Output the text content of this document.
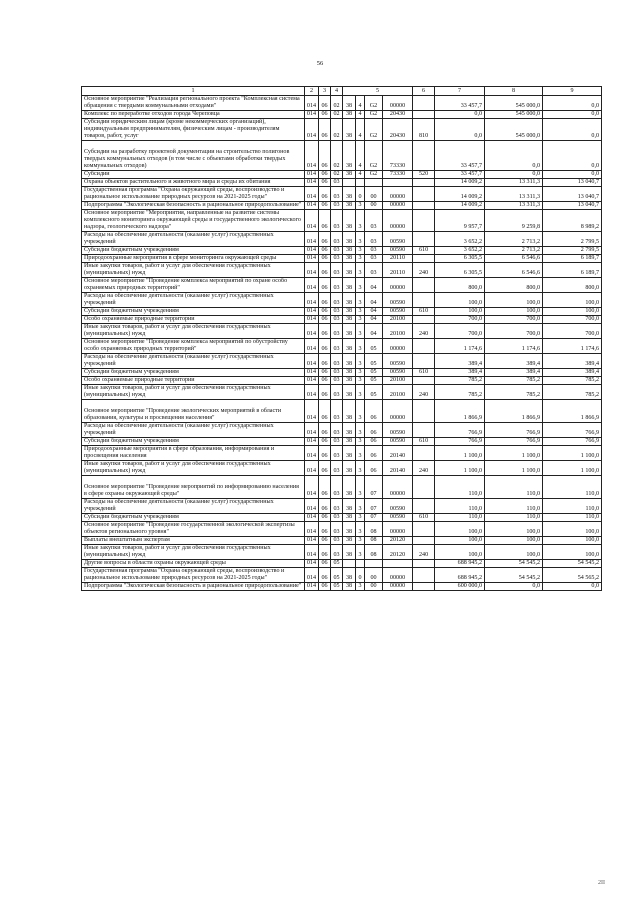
56
1	2	3	4	5				6	7	8	9
Основное мероприятие "Реализация регионального проекта "Комплексная система обращения с твердыми коммунальными отходами"	014	06	02	38	4	G2	00000		33 457,7	545 000,0	0,0
Комплекс по переработке отходов города Череповца	014	06	02	38	4	G2	20430		0,0	545 000,0	0,0
Субсидии юридическим лицам (кроме некоммерческих организаций), индивидуальным предпринимателям, физическим лицам - производителям товаров, работ, услуг	014	06	02	38	4	G2	20430	810	0,0	545 000,0	0,0
Субсидии на разработку проектной документации на строительство полигонов твердых коммунальных отходов (в том числе с объектами обработки твердых коммунальных отходов)	014	06	02	38	4	G2	73330		33 457,7	0,0	0,0
Субсидии	014	06	02	38	4	G2	73330	520	33 457,7	0,0	0,0
Охрана объектов растительного и животного мира и среды их обитания	014	06	03						14 009,2	13 311,3	13 040,7
Государственная программа "Охрана окружающей среды, воспроизводство и рациональное использование природных ресурсов на 2021-2025 годы"	014	06	03	38	0	00	00000		14 009,2	13 311,3	13 040,7
Подпрограмма "Экологическая безопасность и рациональное природопользование"	014	06	03	38	3	00	00000		14 009,2	13 311,3	13 040,7
Основное мероприятие "Мероприятия, направленные на развитие системы комплексного мониторинга окружающей среды и государственного экологического надзора, геологического надзора"	014	06	03	38	3	03	00000		9 957,7	9 259,8	8 989,2
Расходы на обеспечение деятельности (оказание услуг) государственных учреждений	014	06	03	38	3	03	00590		3 652,2	2 713,2	2 799,5
Субсидии бюджетным учреждениям	014	06	03	38	3	03	00590	610	3 652,2	2 713,2	2 799,5
Природоохранные мероприятия в сфере мониторинга окружающей среды	014	06	03	38	3	03	20110		6 305,5	6 546,6	6 189,7
Иные закупки товаров, работ и услуг для обеспечения государственных (муниципальных) нужд	014	06	03	38	3	03	20110	240	6 305,5	6 546,6	6 189,7
Основное мероприятие "Проведение комплекса мероприятий по охране особо охраняемых природных территорий"	014	06	03	38	3	04	00000		800,0	800,0	800,0
Расходы на обеспечение деятельности (оказание услуг) государственных учреждений	014	06	03	38	3	04	00590		100,0	100,0	100,0
Субсидии бюджетным учреждениям	014	06	03	38	3	04	00590	610	100,0	100,0	100,0
Особо охраняемые природные территории	014	06	03	38	3	04	20100		700,0	700,0	700,0
Иные закупки товаров, работ и услуг для обеспечения государственных (муниципальных) нужд	014	06	03	38	3	04	20100	240	700,0	700,0	700,0
Основное мероприятие "Проведение комплекса мероприятий по обустройству особо охраняемых природных территорий"	014	06	03	38	3	05	00000		1 174,6	1 174,6	1 174,6
Расходы на обеспечение деятельности (оказание услуг) государственных учреждений	014	06	03	38	3	05	00590		389,4	389,4	389,4
Субсидии бюджетным учреждениям	014	06	03	38	3	05	00590	610	389,4	389,4	389,4
Особо охраняемые природные территории	014	06	03	38	3	05	20100		785,2	785,2	785,2
Иные закупки товаров, работ и услуг для обеспечения государственных (муниципальных) нужд	014	06	03	38	3	05	20100	240	785,2	785,2	785,2
Основное мероприятие "Проведение экологических мероприятий в области образования, культуры и просвещения населения"	014	06	03	38	3	06	00000		1 866,9	1 866,9	1 866,9
Расходы на обеспечение деятельности (оказание услуг) государственных учреждений	014	06	03	38	3	06	00590		766,9	766,9	766,9
Субсидии бюджетным учреждениям	014	06	03	38	3	06	00590	610	766,9	766,9	766,9
Природоохранные мероприятия в сфере образования, информирования и просвещения населения	014	06	03	38	3	06	20140		1 100,0	1 100,0	1 100,0
Иные закупки товаров, работ и услуг для обеспечения государственных (муниципальных) нужд	014	06	03	38	3	06	20140	240	1 100,0	1 100,0	1 100,0
Основное мероприятие "Проведение мероприятий по информированию населения в сфере охраны окружающей среды"	014	06	03	38	3	07	00000		110,0	110,0	110,0
Расходы на обеспечение деятельности (оказание услуг) государственных учреждений	014	06	03	38	3	07	00590		110,0	110,0	110,0
Субсидии бюджетным учреждениям	014	06	03	38	3	07	00590	610	110,0	110,0	110,0
Основное мероприятие "Проведение государственной экологической экспертизы объектов регионального уровня"	014	06	03	38	3	08	00000		100,0	100,0	100,0
Выплаты внештатным экспертам	014	06	03	38	3	08	20120		100,0	100,0	100,0
Иные закупки товаров, работ и услуг для обеспечения государственных (муниципальных) нужд	014	06	03	38	3	08	20120	240	100,0	100,0	100,0
Другие вопросы в области охраны окружающей среды	014	06	05						688 945,2	54 545,2	54 545,2
Государственная программа "Охрана окружающей среды, воспроизводство и рациональное использование природных ресурсов на 2021-2025 годы"	014	06	05	38	0	00	00000		688 945,2	54 545,2	54 565,2
Подпрограмма "Экологическая безопасность и рациональное природопользование"	014	06	05	38	3	00	00000		600 000,0	0,0	0,0
2II
